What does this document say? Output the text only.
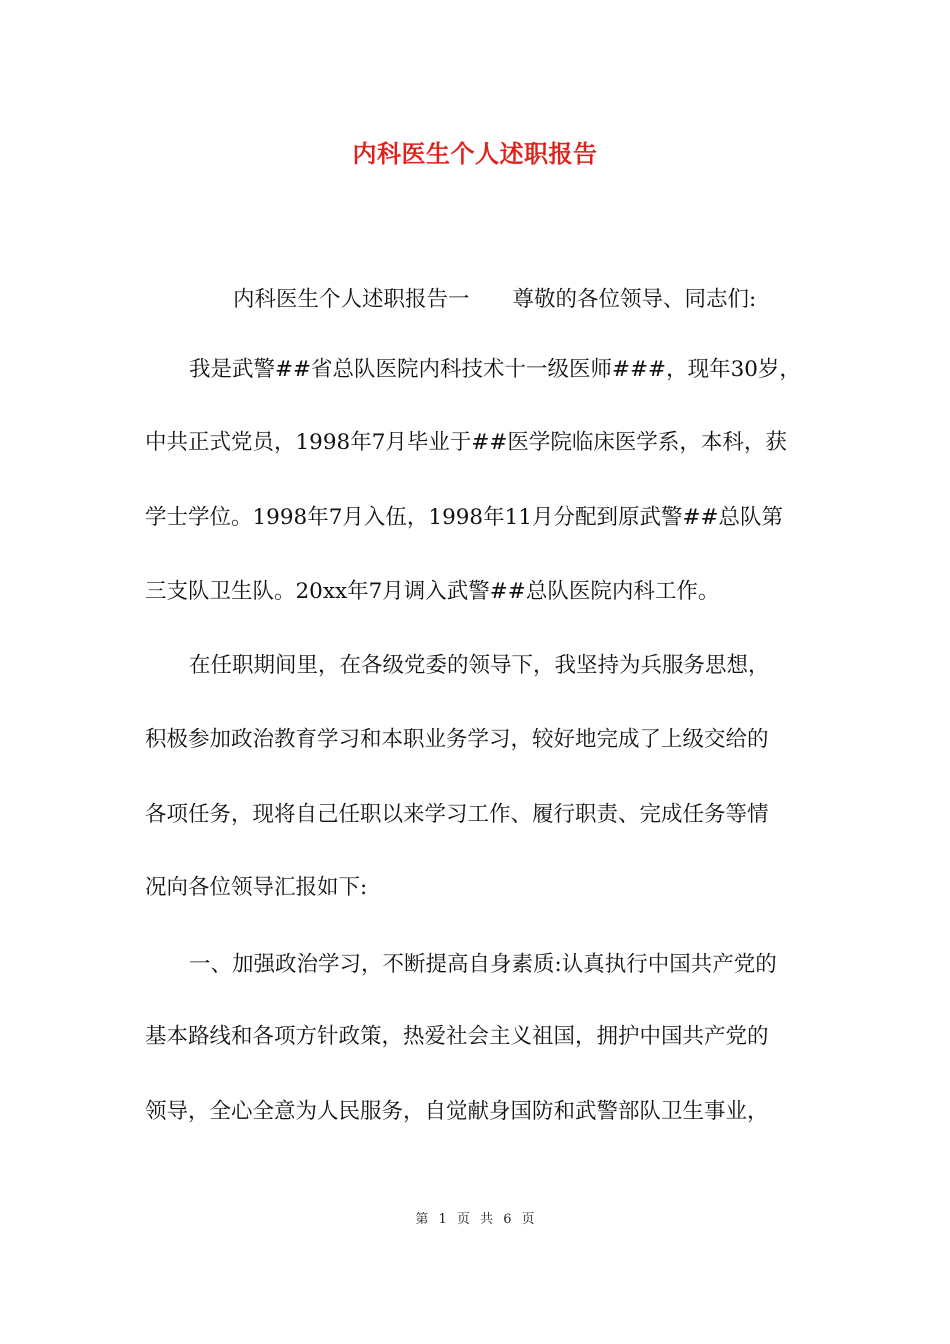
内科医生个人述职报告
内科医生个人述职报告一　　尊敬的各位领导、同志们:
我是武警##省总队医院内科技术十一级医师###，现年30岁，
中共正式党员，1998年7月毕业于##医学院临床医学系，本科，获
学士学位。1998年7月入伍，1998年11月分配到原武警##总队第
三支队卫生队。20xx年7月调入武警##总队医院内科工作。
在任职期间里，在各级党委的领导下，我坚持为兵服务思想，
积极参加政治教育学习和本职业务学习，较好地完成了上级交给的
各项任务，现将自己任职以来学习工作、履行职责、完成任务等情
况向各位领导汇报如下:
一、加强政治学习，不断提高自身素质:认真执行中国共产党的
基本路线和各项方针政策，热爱社会主义祖国，拥护中国共产党的
领导，全心全意为人民服务，自觉献身国防和武警部队卫生事业，
第 1 页 共 6 页
